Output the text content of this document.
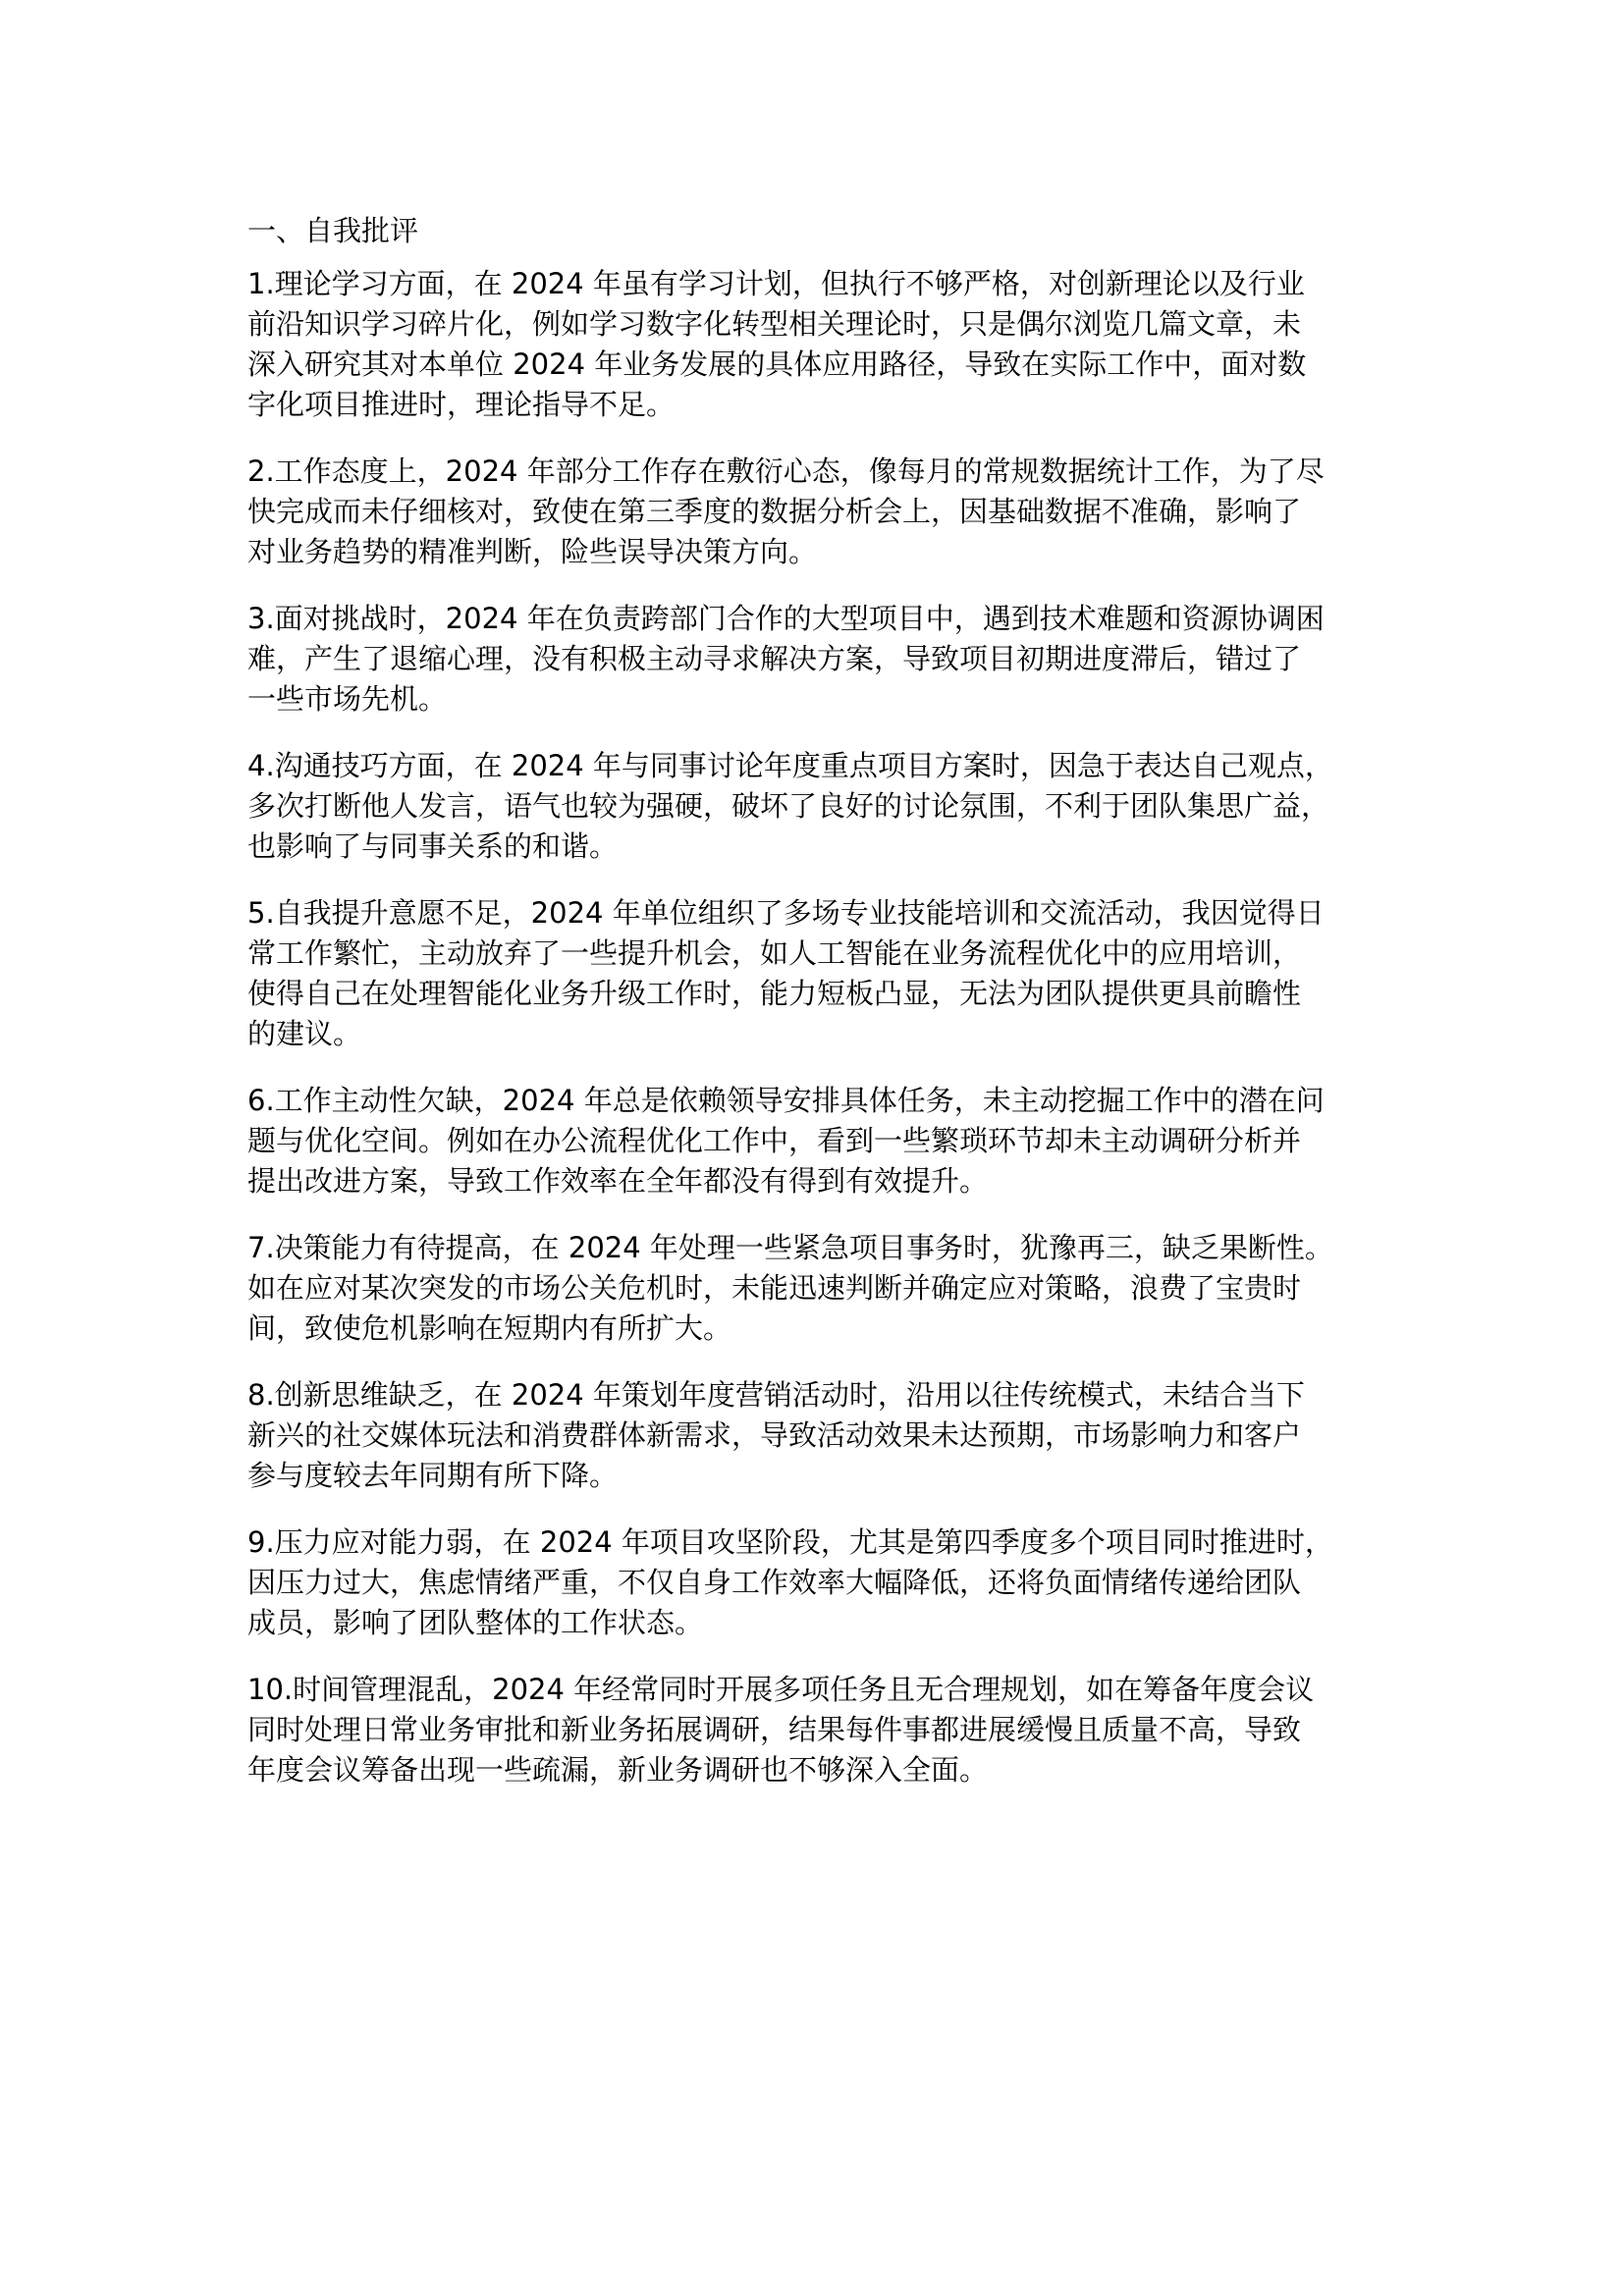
一、自我批评
1.理论学习方面，在 2024 年虽有学习计划，但执行不够严格，对创新理论以及行业
前沿知识学习碎片化，例如学习数字化转型相关理论时，只是偶尔浏览几篇文章，未
深入研究其对本单位 2024 年业务发展的具体应用路径，导致在实际工作中，面对数
字化项目推进时，理论指导不足。
2.工作态度上，2024 年部分工作存在敷衍心态，像每月的常规数据统计工作，为了尽
快完成而未仔细核对，致使在第三季度的数据分析会上，因基础数据不准确，影响了
对业务趋势的精准判断，险些误导决策方向。
3.面对挑战时，2024 年在负责跨部门合作的大型项目中，遇到技术难题和资源协调困
难，产生了退缩心理，没有积极主动寻求解决方案，导致项目初期进度滞后，错过了
一些市场先机。
4.沟通技巧方面，在 2024 年与同事讨论年度重点项目方案时，因急于表达自己观点，
多次打断他人发言，语气也较为强硬，破坏了良好的讨论氛围，不利于团队集思广益，
也影响了与同事关系的和谐。
5.自我提升意愿不足，2024 年单位组织了多场专业技能培训和交流活动，我因觉得日
常工作繁忙，主动放弃了一些提升机会，如人工智能在业务流程优化中的应用培训，
使得自己在处理智能化业务升级工作时，能力短板凸显，无法为团队提供更具前瞻性
的建议。
6.工作主动性欠缺，2024 年总是依赖领导安排具体任务，未主动挖掘工作中的潜在问
题与优化空间。例如在办公流程优化工作中，看到一些繁琐环节却未主动调研分析并
提出改进方案，导致工作效率在全年都没有得到有效提升。
7.决策能力有待提高，在 2024 年处理一些紧急项目事务时，犹豫再三，缺乏果断性。
如在应对某次突发的市场公关危机时，未能迅速判断并确定应对策略，浪费了宝贵时
间，致使危机影响在短期内有所扩大。
8.创新思维缺乏，在 2024 年策划年度营销活动时，沿用以往传统模式，未结合当下
新兴的社交媒体玩法和消费群体新需求，导致活动效果未达预期，市场影响力和客户
参与度较去年同期有所下降。
9.压力应对能力弱，在 2024 年项目攻坚阶段，尤其是第四季度多个项目同时推进时，
因压力过大，焦虑情绪严重，不仅自身工作效率大幅降低，还将负面情绪传递给团队
成员，影响了团队整体的工作状态。
10.时间管理混乱，2024 年经常同时开展多项任务且无合理规划，如在筹备年度会议
同时处理日常业务审批和新业务拓展调研，结果每件事都进展缓慢且质量不高，导致
年度会议筹备出现一些疏漏，新业务调研也不够深入全面。
